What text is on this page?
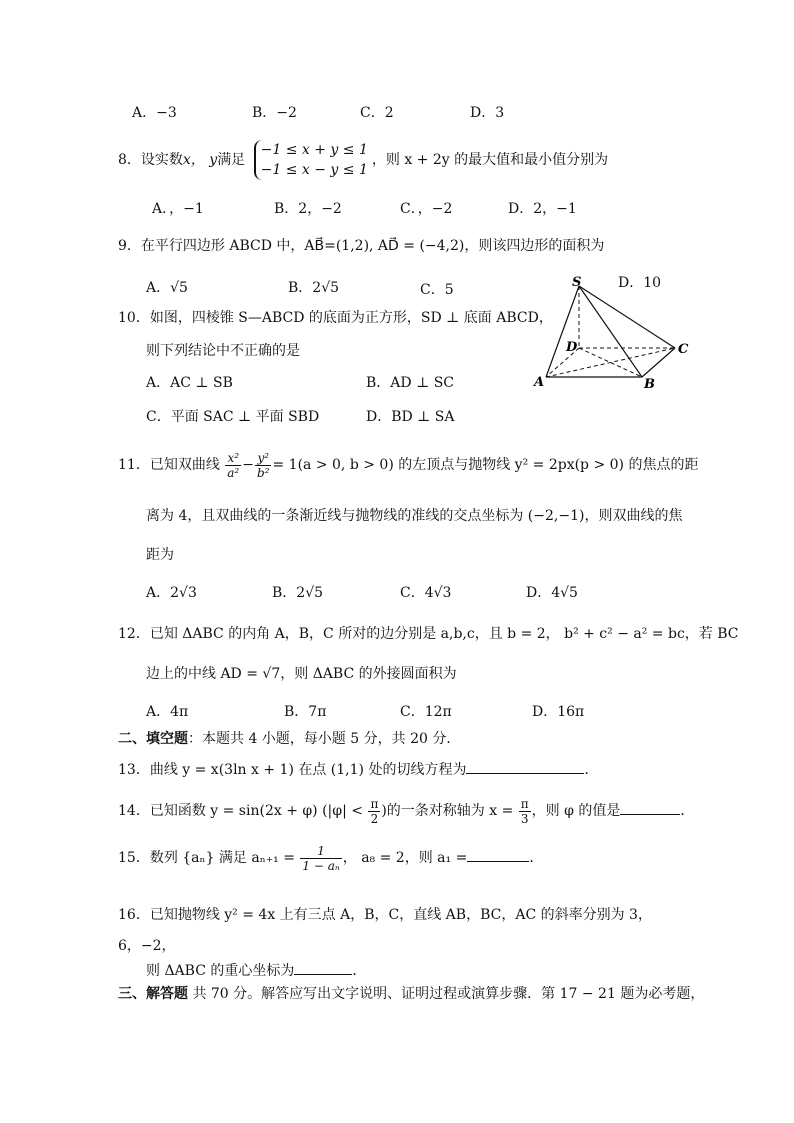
A．−3	B．−2	C．2	D．3
8．设实数x， y满足
−1 ≤ x + y ≤ 1
−1 ≤ x − y ≤ 1
，则 x + 2y 的最大值和最小值分别为
A．，−1	B．2，−2	C．，−2	D．2，−1
9．在平行四边形 ABCD 中，AB⃗=(1,2), AD⃗ = (−4,2)，则该四边形的面积为
A．√5	B．2√5	C．5	D．10
S
D	C
A	B
10．如图，四棱锥 S—ABCD 的底面为正方形，SD ⊥ 底面 ABCD，
则下列结论中不正确的是
A．AC ⊥ SB	B．AD ⊥ SC
C．平面 SAC ⊥ 平面 SBD	D．BD ⊥ SA
11．已知双曲线 $\frac{\text{x²}}{\text{a²}} - \frac{\text{y²}}{\text{b²}} = 1(a > 0$, b > 0) 的左顶点与抛物线 y² = 2px(p > 0) 的焦点的距
离为 4，且双曲线的一条渐近线与抛物线的准线的交点坐标为 (−2,−1)，则双曲线的焦
距为
A．2√3	B．2√5	C．4√3	D．4√5
12．已知 ΔABC 的内角 A，B，C 所对的边分别是 a,b,c，且 b = 2， b² + c² − a² = bc，若 BC
边上的中线 AD = √7，则 ΔABC 的外接圆面积为
A．4π	B．7π	C．12π	D．16π
二、填空题：本题共 4 小题，每小题 5 分，共 20 分．
13．曲线 y = x(3ln x + 1) 在点 (1,1) 处的切线方程为	．
14．已知函数 y = sin(2x + φ) ($|\varphi| < \frac{\pi}{2}$ )的一条对称轴为 $x = \frac{\pi}{3}$ ，则 φ 的值是	．
15．数列 {aₙ} 满足 $a_{n+1} = \frac{1}{\text{1 − aₙ}}$ ， a₈ = 2，则 a₁ =	．
16．已知抛物线 y² = 4x 上有三点 A，B，C，直线 AB，BC，AC 的斜率分别为 3，
6，−2，
则 ΔABC 的重心坐标为	．
三、解答题 共 70 分。解答应写出文字说明、证明过程或演算步骤．第 17 − 21 题为必考题，
